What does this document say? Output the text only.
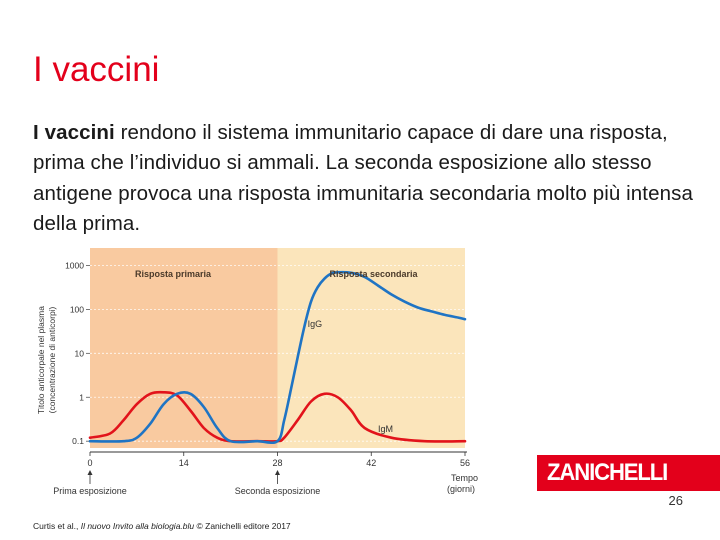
I vaccini
I vaccini rendono il sistema immunitario capace di dare una risposta, prima che l’individuo si ammali. La seconda esposizione allo stesso antigene provoca una risposta immunitaria secondaria molto più intensa della prima.
Risposta primaria	Risposta secondaria
1000
100
10
1
0.1
0	14	28	42	56
Tempo
(giorni)
Titolo anticorpale nel plasma (concentrazione di anticorpi)
Prima esposizione	Seconda esposizione
IgG
IgM
ZANICHELLI
26
Curtis et al., Il nuovo Invito alla biologia.blu © Zanichelli editore 2017
